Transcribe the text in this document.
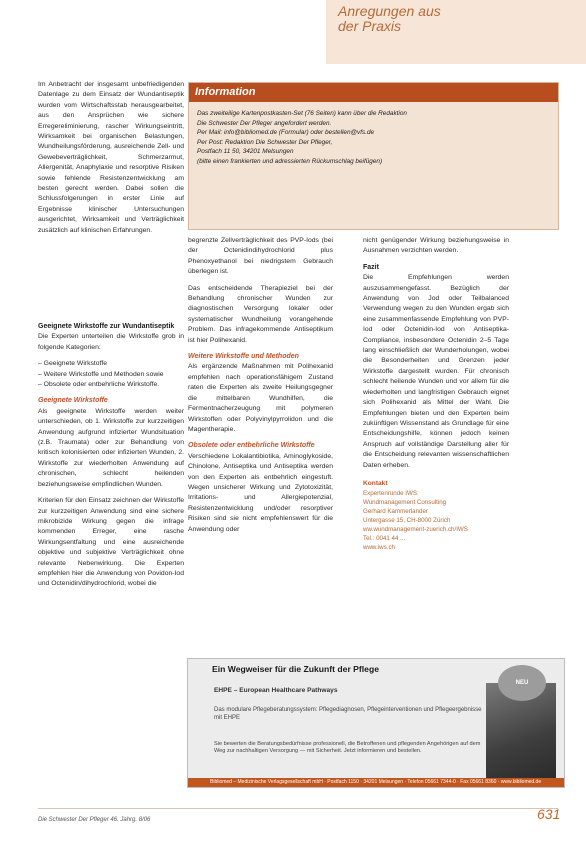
Anregungen aus
der Praxis
Information
Das zweiteilige Kartenpostkasten-Set (76 Seiten) kann über die Redaktion
Die Schwester Der Pfleger angefordert werden.
Per Mail: info@bibliomed.de (Formular) oder bestellen@vfs.de
Per Post: Redaktion Die Schwester Der Pfleger,
Postfach 11 50, 34201 Melsungen
(bitte einen frankierten und adressierten Rückumschlag beifügen)

Im Anbetracht der insgesamt unbefriedigenden Datenlage zu dem Einsatz der Wundantiseptik wurden vom Wirtschaftsstab herausgearbeitet, aus den Ansprüchen wie sichere Erregereliminierung, rascher Wirkungseintritt, Wirksamkeit bei organischen Belastungen, Wundheilungsförderung, ausreichende Zell- und Gewebeverträglichkeit, Schmerzarmut, Allergenität, Anaphylaxie und resorptive Risiken sowie fehlende Resistenzentwicklung am besten gerecht werden. Dabei sollen die Schlussfolgerungen in erster Linie auf Ergebnisse klinischer Untersuchungen ausgerichtet, Wirksamkeit und Verträglichkeit zusätzlich auf klinischen Erfahrungen.

Geeignete Wirkstoffe zur Wundantiseptik

Die Experten unterteilen die Wirkstoffe grob in folgende Kategorien:

– Geeignete Wirkstoffe
– Weitere Wirkstoffe und Methoden sowie
– Obsolete oder entbehrliche Wirkstoffe.
Geeignete Wirkstoffe

Als geeignete Wirkstoffe werden weiter unterschieden, ob 1. Wirkstoffe zur kurzzeitigen Anwendung aufgrund infizierter Wundsituation (z.B. Traumata) oder zur Behandlung von kritisch kolonisierten oder infizierten Wunden, 2. Wirkstoffe zur wiederholten Anwendung auf chronischen, schlecht heilenden beziehungsweise empfindlichen Wunden.

Kriterien für den Einsatz zeichnen der Wirkstoffe zur kurzzeitigen Anwendung sind eine sichere mikrobizide Wirkung gegen die infrage kommenden Erreger, eine rasche Wirkungsentfaltung und eine ausreichende objektive und subjektive Verträglichkeit ohne relevante Nebenwirkung. Die Experten empfehlen hier die Anwendung von Povidon-Iod und Octenidin/dihydrochlorid, wobei die

begrenzte Zellverträglichkeit des PVP-Iods (bei der Octenidindihydrochlorid plus Phenoxyethanol bei niedrigstem Gebrauch überlegen ist.

Das entscheidende Therapieziel bei der Behandlung chronischer Wunden zur diagnostischen Versorgung lokaler oder systematischer Wundheilung vorangehende Problem. Das infragekommende Antiseptikum ist hier Polihexanid.

Weitere Wirkstoffe und Methoden

Als ergänzende Maßnahmen mit Polihexanid empfehlen nach operationsfähigem Zustand raten die Experten als zweite Heilungsgegner die mittelbaren Wundhilfen, die Fermentnacherzeugung mit polymeren Wirkstoffen oder Polyvinylpyrrolidon und die Magentherapie.

Obsolete oder entbehrliche Wirkstoffe

Verschiedene Lokalantibiotika, Aminoglykoside, Chinolone, Antiseptika und Antiseptika werden von den Experten als entbehrlich eingestuft. Wegen unsicherer Wirkung und Zytotoxizität, Irritations- und Allergiepotenzial, Resistenzentwicklung und/oder resorptiver Risiken sind sie nicht empfehlenswert für die Anwendung oder

nicht genügender Wirkung beziehungsweise in Ausnahmen verzichten werden.

Fazit

Die Empfehlungen werden auszusammengefasst. Bezüglich der Anwendung von Jod oder Teilbalanced Verwendung wegen zu den Wunden ergab sich eine zusammenfassende Empfehlung von PVP-Iod oder Octenidin-Iod von Antiseptika-Compliance, insbesondere Octenidin 2–5 Tage lang einschließlich der Wunderholungen, wobei die Besonderheiten und Grenzen jeder Wirkstoffe dargestellt wurden. Für chronisch schlecht heilende Wunden und vor allem für die wiederholten und langfristigen Gebrauch eignet sich Polihexanid als Mittel der Wahl. Die Empfehlungen bieten und den Experten beim zukünftigen Wissenstand als Grundlage für eine Entscheidungshilfe, können jedoch keinen Anspruch auf vollständige Darstellung aller für die Entscheidung relevanten wissenschaftlichen Daten erheben.

Kontakt
Expertenrunde IWS:
Wundmanagement Consulting
Gerhard Kammerlander
Untergasse 15, CH-8000 Zürich
ww.wundmanagement-zuerich.ch/IWS
Tel.: 0041 44 ...
www.iws.ch
Ein Wegweiser für die Zukunft der Pflege
EHPE – European Healthcare Pathways
Das modulare Pflegeberatungssystem: Pflegediagnosen, Pflegeinterventionen und Pflegeergebnisse mit EHPE
Sie bewerten die Beratungsbedürfnisse professionell, die Betroffenen und pflegenden Angehörigen auf dem Weg zur nachhaltigen Versorgung — mit Sicherheit. Jetzt informieren und bestellen.
NEU
Bibliomed – Medizinische Verlagsgesellschaft mbH · Postfach 1150 · 34201 Melsungen · Telefon 05661 7344-0 · Fax 05661 8360 · www.bibliomed.de
Die Schwester Der Pfleger 46. Jahrg. 8/06	631
